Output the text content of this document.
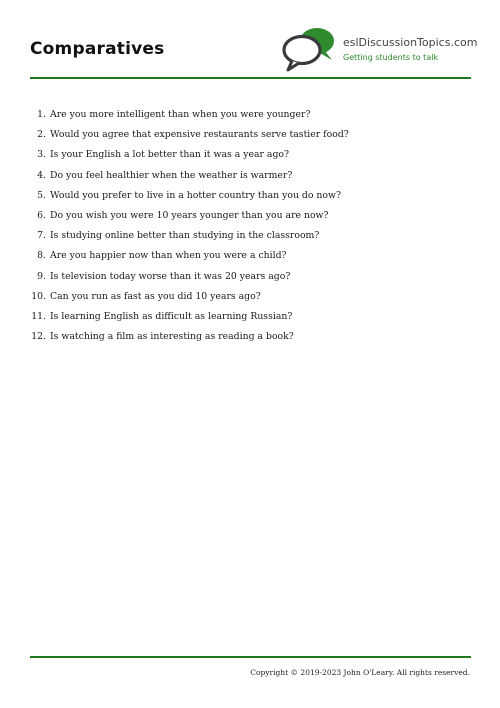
Comparatives	eslDiscussionTopics.com
Getting students to talk
1. Are you more intelligent than when you were younger?
2. Would you agree that expensive restaurants serve tastier food?
3. Is your English a lot better than it was a year ago?
4. Do you feel healthier when the weather is warmer?
5. Would you prefer to live in a hotter country than you do now?
6. Do you wish you were 10 years younger than you are now?
7. Is studying online better than studying in the classroom?
8. Are you happier now than when you were a child?
9. Is television today worse than it was 20 years ago?
10. Can you run as fast as you did 10 years ago?
11. Is learning English as difficult as learning Russian?
12. Is watching a film as interesting as reading a book?
Copyright © 2019-2023 John O'Leary. All rights reserved.
